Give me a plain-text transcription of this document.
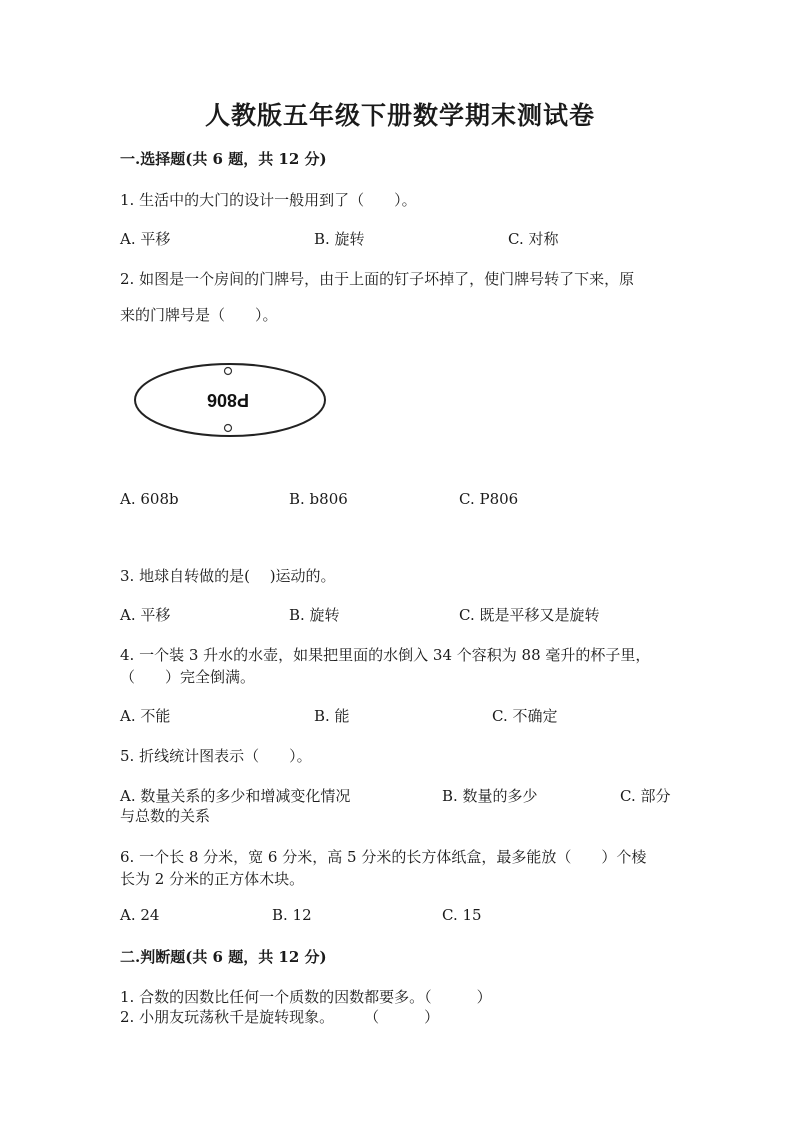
人教版五年级下册数学期末测试卷
一.选择题(共 6 题，共 12 分)
1. 生活中的大门的设计一般用到了（　　）。
A. 平移	B. 旋转	C. 对称
2. 如图是一个房间的门牌号，由于上面的钉子坏掉了，使门牌号转了下来，原
来的门牌号是（　　）。
P806
A. 608b	B. b806	C. P806
3. 地球自转做的是(　 )运动的。
A. 平移	B. 旋转	C. 既是平移又是旋转
4. 一个装 3 升水的水壶，如果把里面的水倒入 34 个容积为 88 毫升的杯子里，
（　　）完全倒满。
A. 不能	B. 能	C. 不确定
5. 折线统计图表示（　　）。
A. 数量关系的多少和增减变化情况	B. 数量的多少	C. 部分
与总数的关系
6. 一个长 8 分米，宽 6 分米，高 5 分米的长方体纸盒，最多能放（　　）个棱
长为 2 分米的正方体木块。
A. 24	B. 12	C. 15
二.判断题(共 6 题，共 12 分)
1. 合数的因数比任何一个质数的因数都要多。（　　　）
2. 小朋友玩荡秋千是旋转现象。　　　（　　　）
